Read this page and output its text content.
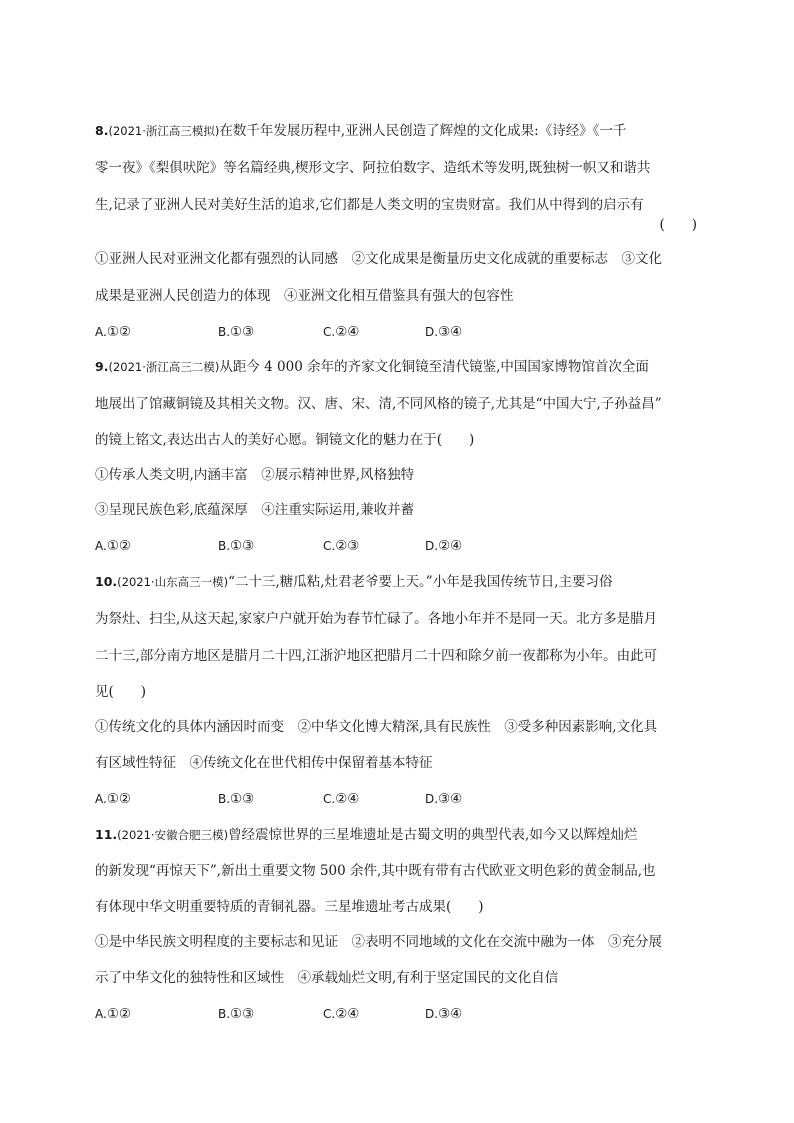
8.(2021·浙江高三模拟)在数千年发展历程中,亚洲人民创造了辉煌的文化成果:《诗经》《一千
零一夜》《梨俱吠陀》等名篇经典,楔形文字、阿拉伯数字、造纸术等发明,既独树一帜又和谐共
生,记录了亚洲人民对美好生活的追求,它们都是人类文明的宝贵财富。我们从中得到的启示有
(　　)
①亚洲人民对亚洲文化都有强烈的认同感　②文化成果是衡量历史文化成就的重要标志　③文化
成果是亚洲人民创造力的体现　④亚洲文化相互借鉴具有强大的包容性
A.①②	B.①③	C.②④	D.③④
9.(2021·浙江高三二模)从距今 4 000 余年的齐家文化铜镜至清代镜鉴,中国国家博物馆首次全面
地展出了馆藏铜镜及其相关文物。汉、唐、宋、清,不同风格的镜子,尤其是“中国大宁,子孙益昌”
的镜上铭文,表达出古人的美好心愿。铜镜文化的魅力在于(　　)
①传承人类文明,内涵丰富　②展示精神世界,风格独特
③呈现民族色彩,底蕴深厚　④注重实际运用,兼收并蓄
A.①②	B.①③	C.②③	D.②④
10.(2021·山东高三一模)“二十三,糖瓜粘,灶君老爷要上天。”小年是我国传统节日,主要习俗
为祭灶、扫尘,从这天起,家家户户就开始为春节忙碌了。各地小年并不是同一天。北方多是腊月
二十三,部分南方地区是腊月二十四,江浙沪地区把腊月二十四和除夕前一夜都称为小年。由此可
见(　　)
①传统文化的具体内涵因时而变　②中华文化博大精深,具有民族性　③受多种因素影响,文化具
有区域性特征　④传统文化在世代相传中保留着基本特征
A.①②	B.①③	C.②④	D.③④
11.(2021·安徽合肥三模)曾经震惊世界的三星堆遗址是古蜀文明的典型代表,如今又以辉煌灿烂
的新发现“再惊天下”,新出土重要文物 500 余件,其中既有带有古代欧亚文明色彩的黄金制品,也
有体现中华文明重要特质的青铜礼器。三星堆遗址考古成果(　　)
①是中华民族文明程度的主要标志和见证　②表明不同地域的文化在交流中融为一体　③充分展
示了中华文化的独特性和区域性　④承载灿烂文明,有利于坚定国民的文化自信
A.①②	B.①③	C.②④	D.③④
